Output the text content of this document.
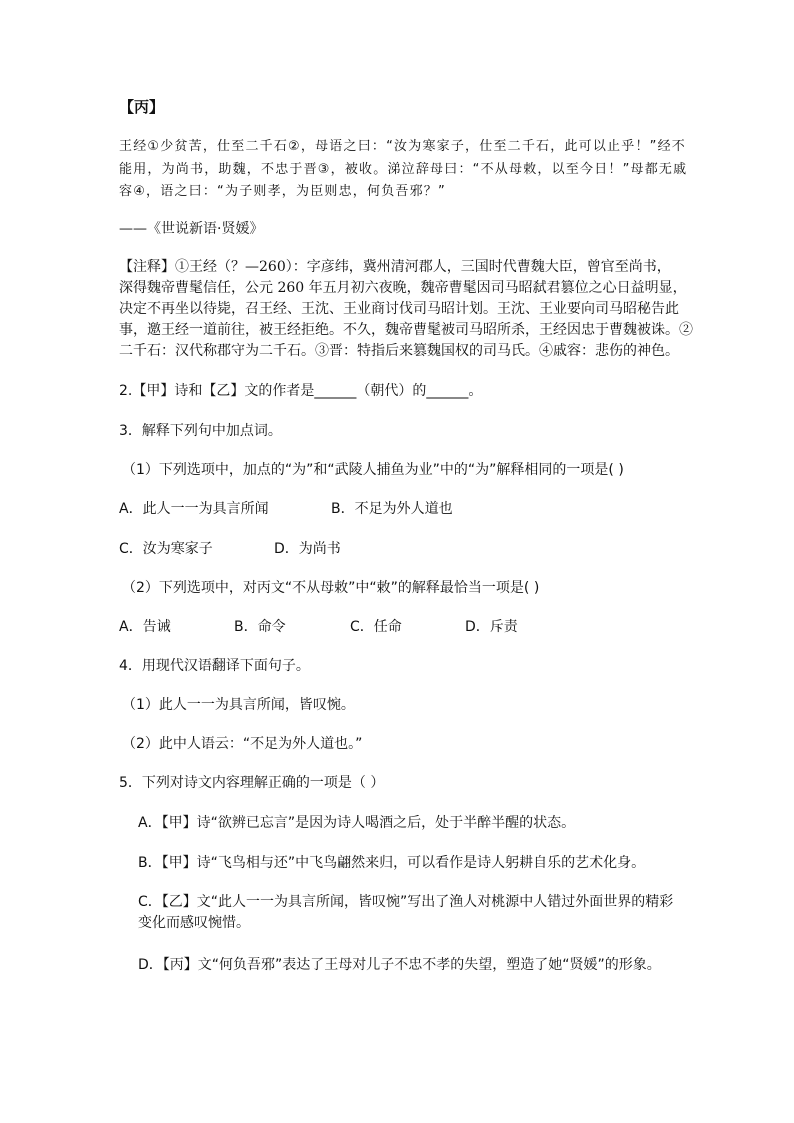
【丙】
王经①少贫苦，仕至二千石②，母语之曰：“汝为寒家子，仕至二千石，此可以止乎！”经不
能用，为尚书，助魏，不忠于晋③，被收。涕泣辞母曰：“不从母敕，以至今日！”母都无戚
容④，语之曰：“为子则孝，为臣则忠，何负吾邪？”
——《世说新语·贤媛》
【注释】①王经（？—260）：字彦纬，冀州清河郡人，三国时代曹魏大臣，曾官至尚书，
深得魏帝曹髦信任，公元 260 年五月初六夜晚，魏帝曹髦因司马昭弑君篡位之心日益明显，
决定不再坐以待毙，召王经、王沈、王业商讨伐司马昭计划。王沈、王业要向司马昭秘告此
事，邀王经一道前往，被王经拒绝。不久，魏帝曹髦被司马昭所杀，王经因忠于曹魏被诛。②
二千石：汉代称郡守为二千石。③晋：特指后来篡魏国权的司马氏。④戚容：悲伤的神色。
2.【甲】诗和【乙】文的作者是______（朝代）的______。
3．解释下列句中加点词。
（1）下列选项中，加点的“为”和“武陵人捕鱼为业”中的“为”解释相同的一项是( )
A．此人一一为具言所闻	B．不足为外人道也
C．汝为寒家子	D．为尚书
（2）下列选项中，对丙文“不从母敕”中“敕”的解释最恰当一项是( )
A．告诫	B．命令	C．任命	D．斥责
4．用现代汉语翻译下面句子。
（1）此人一一为具言所闻，皆叹惋。
（2）此中人语云：“不足为外人道也。”
5．下列对诗文内容理解正确的一项是（ ）
A．【甲】诗“欲辨已忘言”是因为诗人喝酒之后，处于半醉半醒的状态。
B．【甲】诗“飞鸟相与还”中飞鸟翩然来归，可以看作是诗人躬耕自乐的艺术化身。
C．【乙】文“此人一一为具言所闻，皆叹惋”写出了渔人对桃源中人错过外面世界的精彩
变化而感叹惋惜。
D．【丙】文“何负吾邪”表达了王母对儿子不忠不孝的失望，塑造了她“贤媛”的形象。
